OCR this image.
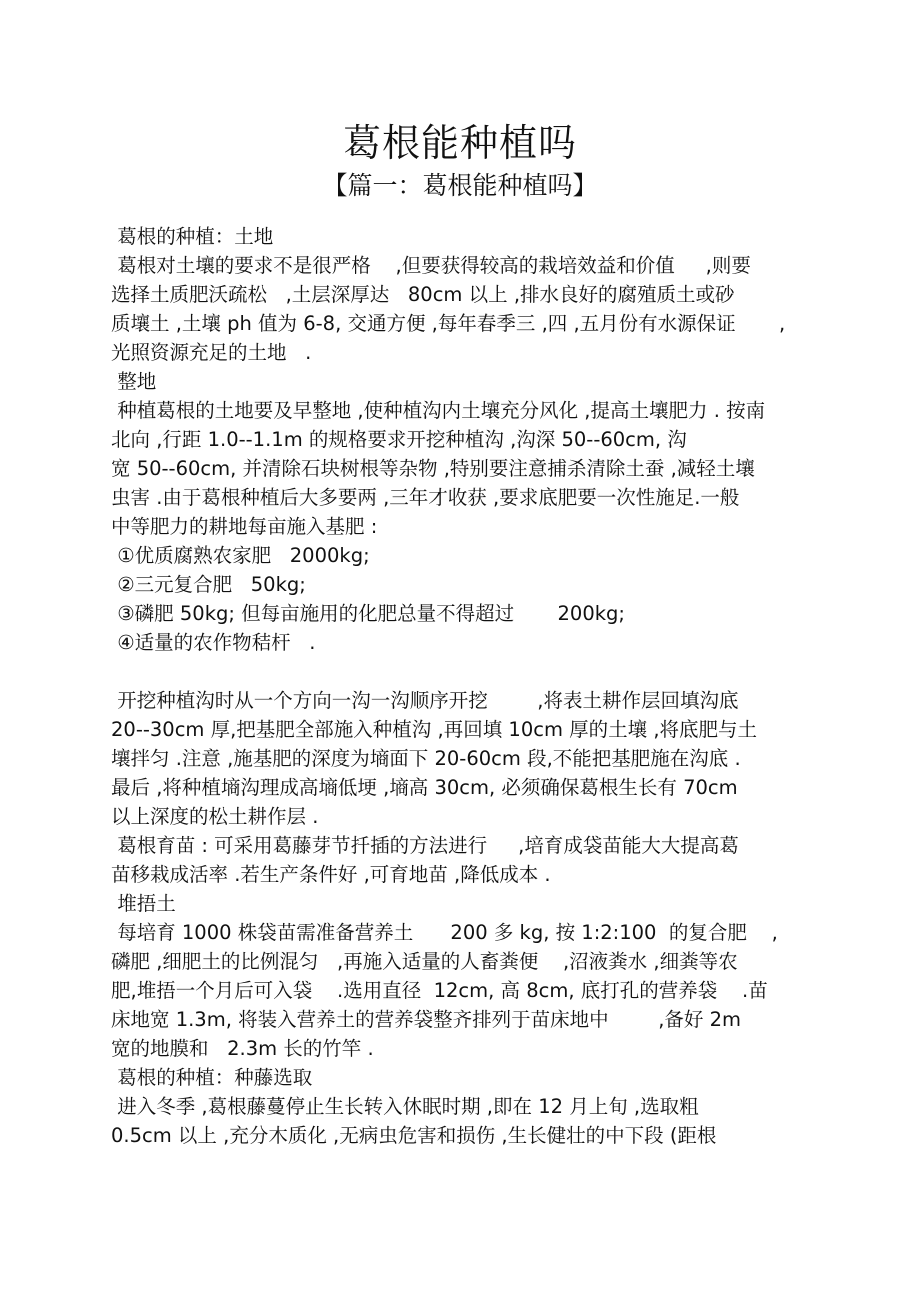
葛根能种植吗
【篇一：葛根能种植吗】
葛根的种植：土地
葛根对土壤的要求不是很严格    ,但要获得较高的栽培效益和价值     ,则要
选择土质肥沃疏松   ,土层深厚达   80cm 以上 ,排水良好的腐殖质土或砂
质壤土 ,土壤 ph 值为 6-8, 交通方便 ,每年春季三 ,四 ,五月份有水源保证       ,
光照资源充足的土地   .
整地
种植葛根的土地要及早整地 ,使种植沟内土壤充分风化 ,提高土壤肥力 . 按南
北向 ,行距 1.0--1.1m 的规格要求开挖种植沟 ,沟深 50--60cm, 沟
宽 50--60cm, 并清除石块树根等杂物 ,特别要注意捕杀清除土蚕 ,减轻土壤
虫害 .由于葛根种植后大多要两 ,三年才收获 ,要求底肥要一次性施足.一般
中等肥力的耕地每亩施入基肥 :
①优质腐熟农家肥   2000kg;
②三元复合肥   50kg;
③磷肥 50kg; 但每亩施用的化肥总量不得超过       200kg;
④适量的农作物秸杆   .
开挖种植沟时从一个方向一沟一沟顺序开挖        ,将表土耕作层回填沟底
20--30cm 厚,把基肥全部施入种植沟 ,再回填 10cm 厚的土壤 ,将底肥与土
壤拌匀 .注意 ,施基肥的深度为墒面下 20-60cm 段,不能把基肥施在沟底 .
最后 ,将种植墒沟理成高墒低埂 ,墒高 30cm, 必须确保葛根生长有 70cm
以上深度的松土耕作层 .
葛根育苗 : 可采用葛藤芽节扦插的方法进行     ,培育成袋苗能大大提高葛
苗移栽成活率 .若生产条件好 ,可育地苗 ,降低成本 .
堆捂土
每培育 1000 株袋苗需准备营养土      200 多 kg, 按 1:2:100  的复合肥    ,
磷肥 ,细肥土的比例混匀   ,再施入适量的人畜粪便    ,沼液粪水 ,细粪等农
肥,堆捂一个月后可入袋    .选用直径  12cm, 高 8cm, 底打孔的营养袋    .苗
床地宽 1.3m, 将装入营养土的营养袋整齐排列于苗床地中        ,备好 2m
宽的地膜和   2.3m 长的竹竿 .
葛根的种植：种藤选取
进入冬季 ,葛根藤蔓停止生长转入休眠时期 ,即在 12 月上旬 ,选取粗
0.5cm 以上 ,充分木质化 ,无病虫危害和损伤 ,生长健壮的中下段 (距根
